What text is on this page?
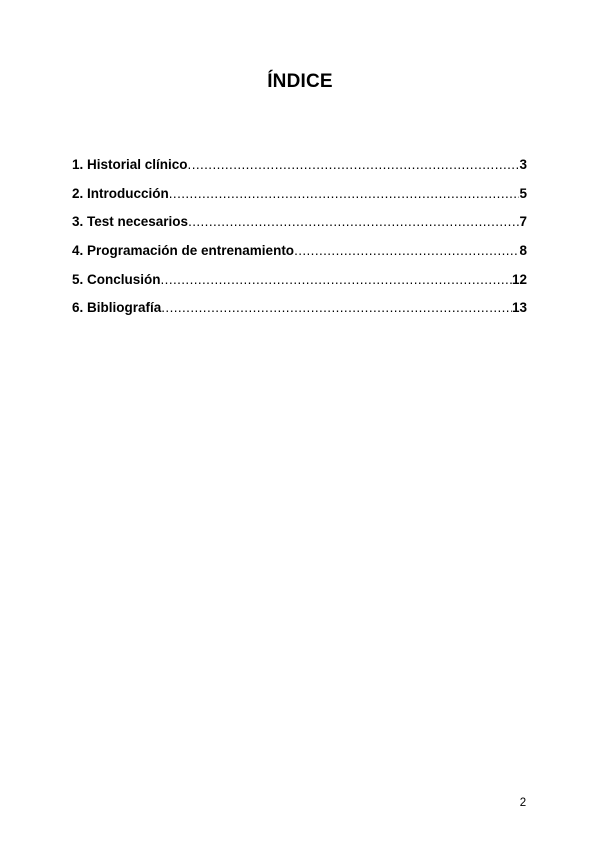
ÍNDICE
1. Historial clínico .....	3
2. Introducción .....	5
3. Test necesarios .....	7
4. Programación de entrenamiento .....	8
5. Conclusión .....	12
6. Bibliografía .....	13
2
